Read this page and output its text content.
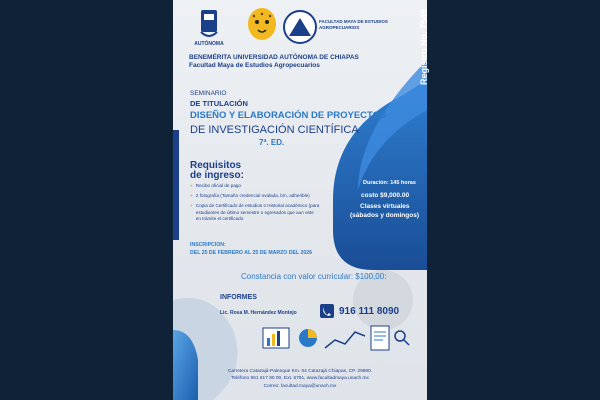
AUTÓNOMA
FACULTAD MAYA DE ESTUDIOS
AGROPECUARIOS
BENEMÉRITA UNIVERSIDAD AUTÓNOMA DE CHIAPAS
Facultad Maya de Estudios Agropecuarios
SEMINARIO
DE TITULACIÓN
DISEÑO Y ELABORACIÓN DE PROYECTOS
DE INVESTIGACIÓN CIENTÍFICA
7ª. ED.
Registro No. 7549
Requisitos
de ingreso:
● Recibo oficial de pago
● 2 fotografía (Tamaño credencial ovalada, b/n, adherible)
● Copia de Certificado de estudios o Historial académico (para estudiantes de último semestre o egresados que aun este en trámite el certificado
Duración: 145 horas
costo $9,000.00
Clases virtuales
(sábados y domingos)
INSCRIPCION:
DEL 25 DE FEBRERO AL 25 DE MARZO DEL 2026
Constancia con valor curricular: $100,00:
INFORMES
Lic. Rosa M. Hernández Montejo	916 111 8090
Carretera Catazajá-Palenque Km. 04 Catazajá Chiapas, CP. 29980.
Teléfono 961 617 80 00, Ext. 5791, www.facultadmaya.unach.mx
Correo: facultad.maya@unach.mx
